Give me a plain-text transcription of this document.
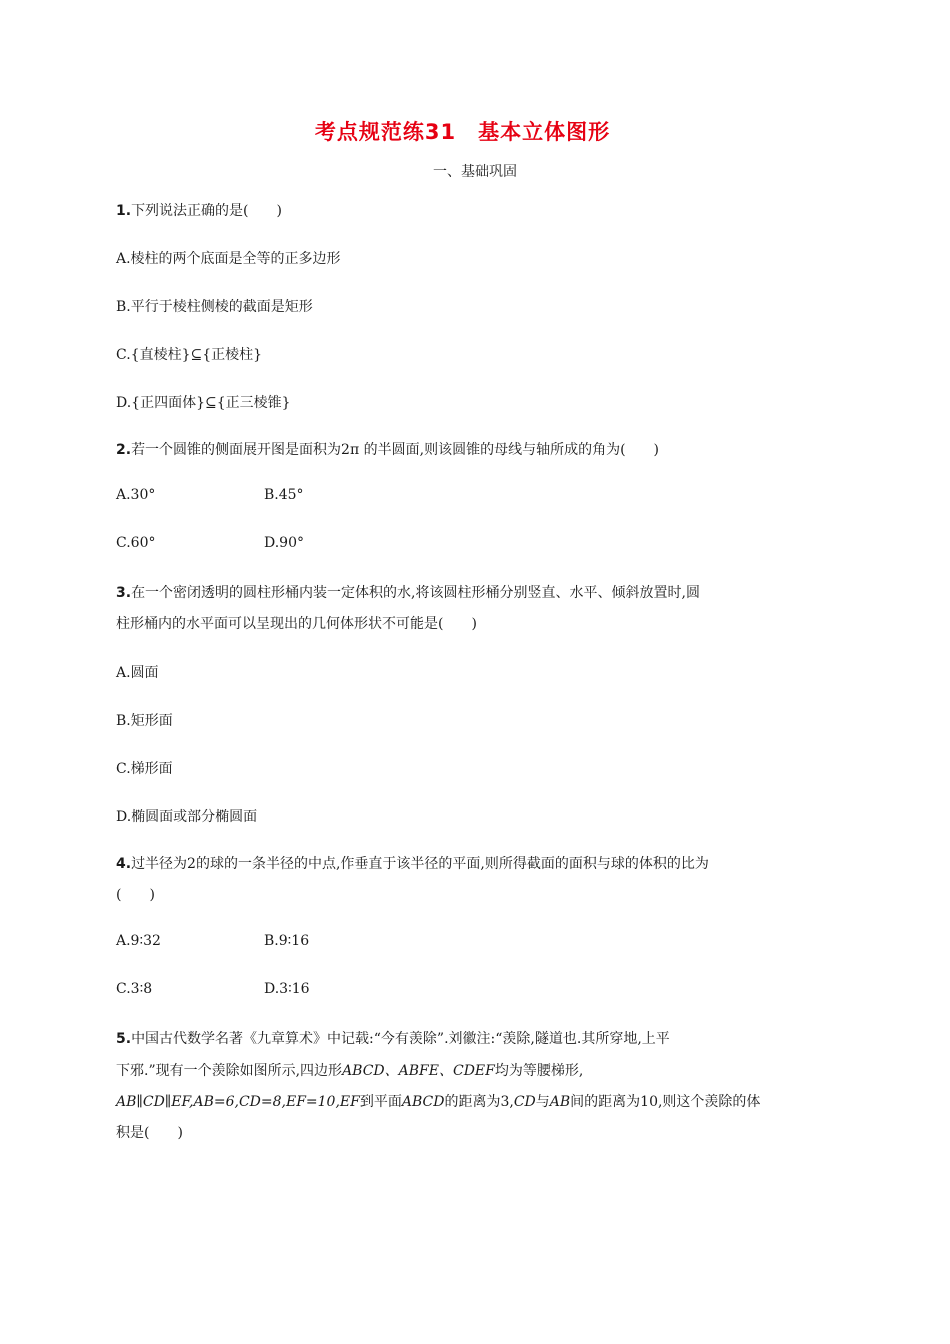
考点规范练31　基本立体图形
一、基础巩固
1.下列说法正确的是(　　)
A.棱柱的两个底面是全等的正多边形
B.平行于棱柱侧棱的截面是矩形
C.{直棱柱}⊆{正棱柱}
D.{正四面体}⊆{正三棱锥}
2.若一个圆锥的侧面展开图是面积为2π 的半圆面,则该圆锥的母线与轴所成的角为(　　)
A.30°	B.45°
C.60°	D.90°
3.在一个密闭透明的圆柱形桶内装一定体积的水,将该圆柱形桶分别竖直、水平、倾斜放置时,圆
柱形桶内的水平面可以呈现出的几何体形状不可能是(　　)
A.圆面
B.矩形面
C.梯形面
D.椭圆面或部分椭圆面
4.过半径为2的球的一条半径的中点,作垂直于该半径的平面,则所得截面的面积与球的体积的比为
(　　)
A.9∶32	B.9∶16
C.3∶8	D.3∶16
5.中国古代数学名著《九章算术》中记载:“今有羡除”.刘徽注:“羡除,隧道也.其所穿地,上平
下邪.”现有一个羡除如图所示,四边形ABCD、ABFE、CDEF均为等腰梯形,
AB∥CD∥EF,AB=6,CD=8,EF=10,EF到平面ABCD的距离为3,CD与AB间的距离为10,则这个羡除的体
积是(　　)
